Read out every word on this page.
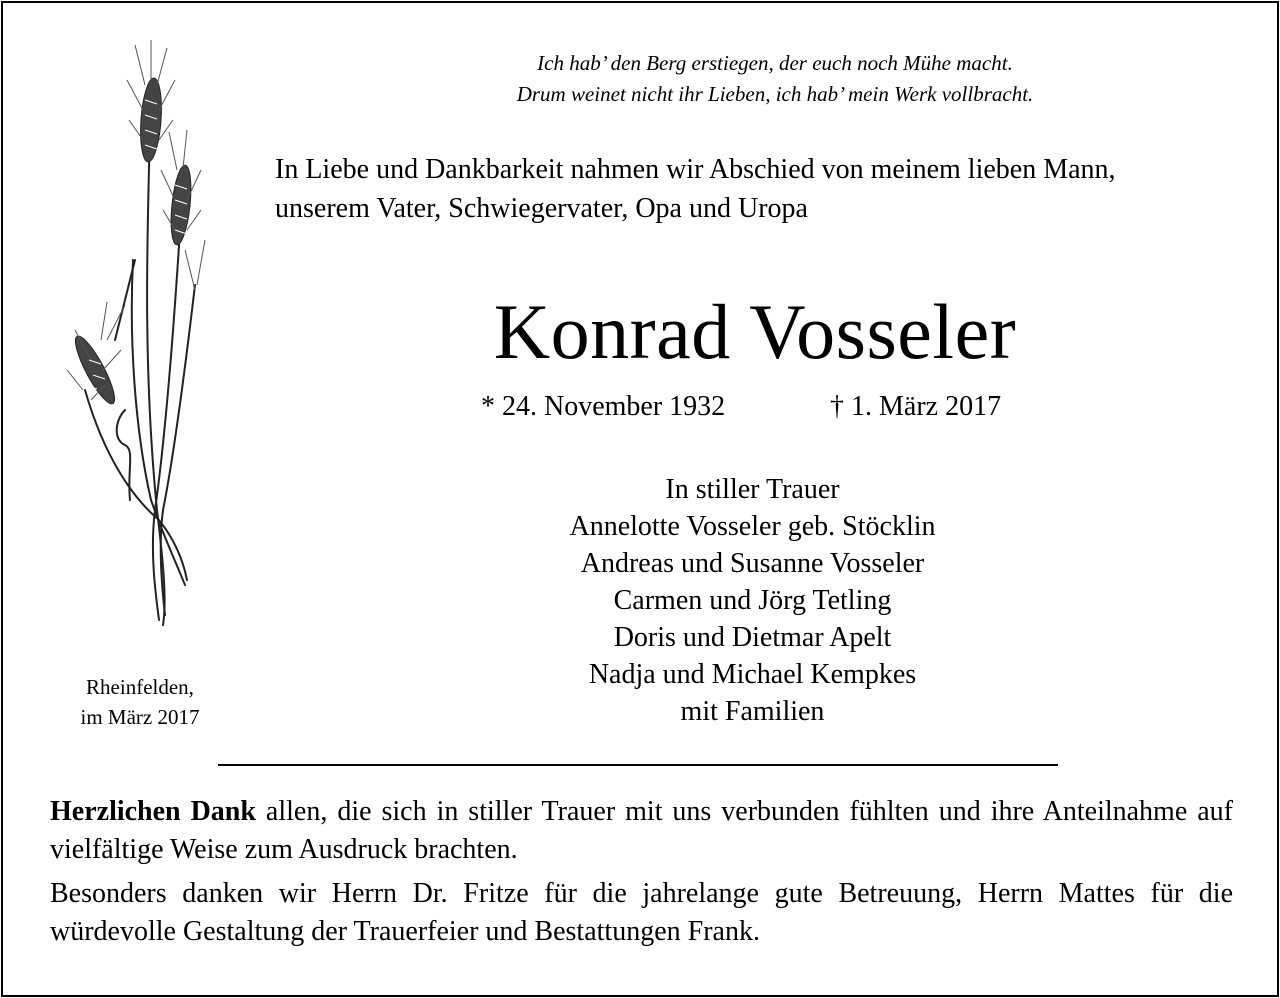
Ich hab’ den Berg erstiegen, der euch noch Mühe macht.
Drum weinet nicht ihr Lieben, ich hab’ mein Werk vollbracht.
In Liebe und Dankbarkeit nahmen wir Abschied von meinem lieben Mann,
unserem Vater, Schwiegervater, Opa und Uropa
Konrad Vosseler
* 24. November 1932	† 1. März 2017
In stiller Trauer
Annelotte Vosseler geb. Stöcklin
Andreas und Susanne Vosseler
Carmen und Jörg Tetling
Doris und Dietmar Apelt
Nadja und Michael Kempkes
mit Familien
Rheinfelden,
im März 2017

Herzlichen Dank allen, die sich in stiller Trauer mit uns verbunden fühlten und ihre Anteilnahme auf vielfältige Weise zum Ausdruck brachten.

Besonders danken wir Herrn Dr. Fritze für die jahrelange gute Betreuung, Herrn Mattes für die würdevolle Gestaltung der Trauerfeier und Bestattungen Frank.
